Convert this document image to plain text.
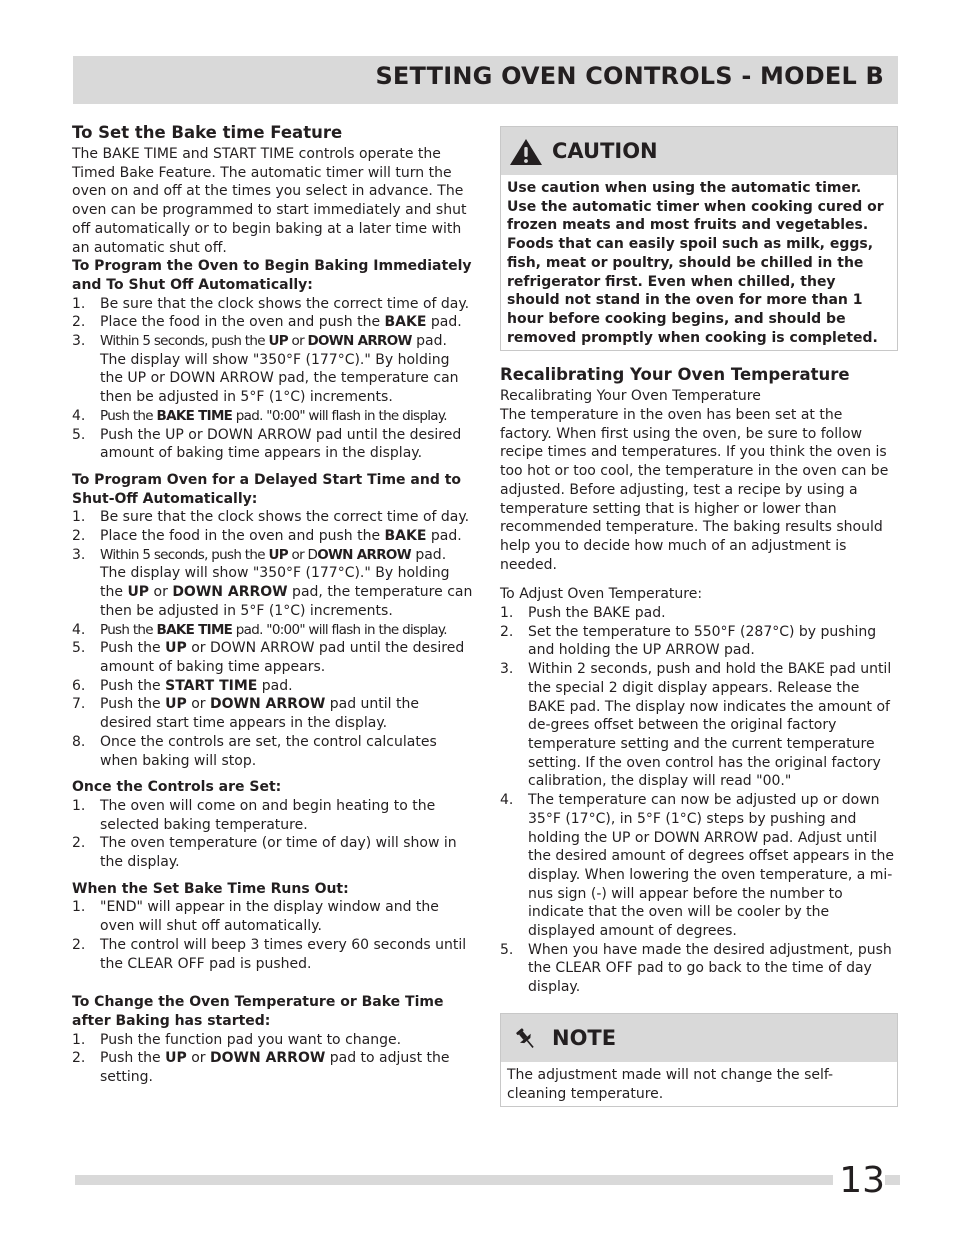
SETTING OVEN CONTROLS - MODEL B
To Set the Bake time Feature

The BAKE TIME and START TIME controls operate the Timed Bake Feature. The automatic timer will turn the oven on and off at the times you select in advance. The oven can be programmed to start immediately and shut off automatically or to begin baking at a later time with an automatic shut off.

To Program the Oven to Begin Baking Immediately and To Shut Off Automatically:

1. Be sure that the clock shows the correct time of day.
2. Place the food in the oven and push the BAKE pad.
3. Within 5 seconds, push the UP or DOWN ARROW pad. The display will show "350°F (177°C)." By holding the UP or DOWN ARROW pad, the temperature can then be adjusted in 5°F (1°C) increments.
4. Push the BAKE TIME pad. "0:00" will flash in the display.
5. Push the UP or DOWN ARROW pad until the desired amount of baking time appears in the display.

To Program Oven for a Delayed Start Time and to Shut-Off Automatically:

1. Be sure that the clock shows the correct time of day.
2. Place the food in the oven and push the BAKE pad.
3. Within 5 seconds, push the UP or DOWN ARROW pad. The display will show "350°F (177°C)." By holding the UP or DOWN ARROW pad, the temperature can then be adjusted in 5°F (1°C) increments.
4. Push the BAKE TIME pad. "0:00" will flash in the display.
5. Push the UP or DOWN ARROW pad until the desired amount of baking time appears.
6. Push the START TIME pad.
7. Push the UP or DOWN ARROW pad until the desired start time appears in the display.
8. Once the controls are set, the control calculates when baking will stop.

Once the Controls are Set:

1. The oven will come on and begin heating to the selected baking temperature.
2. The oven temperature (or time of day) will show in the display.

When the Set Bake Time Runs Out:

1. "END" will appear in the display window and the oven will shut off automatically.
2. The control will beep 3 times every 60 seconds until the CLEAR OFF pad is pushed.

To Change the Oven Temperature or Bake Time after Baking has started:

1. Push the function pad you want to change.
2. Push the UP or DOWN ARROW pad to adjust the setting.
CAUTION
Use caution when using the automatic timer. Use the automatic timer when cooking cured or frozen meats and most fruits and vegetables. Foods that can easily spoil such as milk, eggs, fish, meat or poultry, should be chilled in the refrigerator first. Even when chilled, they should not stand in the oven for more than 1 hour before cooking begins, and should be removed promptly when cooking is completed.
Recalibrating Your Oven Temperature

Recalibrating Your Oven Temperature

The temperature in the oven has been set at the factory. When first using the oven, be sure to follow recipe times and temperatures. If you think the oven is too hot or too cool, the temperature in the oven can be adjusted. Before adjusting, test a recipe by using a temperature setting that is higher or lower than recommended temperature. The baking results should help you to decide how much of an adjustment is needed.

To Adjust Oven Temperature:

1. Push the BAKE pad.
2. Set the temperature to 550°F (287°C) by pushing and holding the UP ARROW pad.
3. Within 2 seconds, push and hold the BAKE pad until the special 2 digit display appears. Release the BAKE pad. The display now indicates the amount of de-grees offset between the original factory temperature setting and the current temperature setting. If the oven control has the original factory calibration, the display will read "00."
4. The temperature can now be adjusted up or down 35°F (17°C), in 5°F (1°C) steps by pushing and holding the UP or DOWN ARROW pad. Adjust until the desired amount of degrees offset appears in the display. When lowering the oven temperature, a mi-nus sign (-) will appear before the number to indicate that the oven will be cooler by the displayed amount of degrees.
5. When you have made the desired adjustment, push the CLEAR OFF pad to go back to the time of day display.
NOTE
The adjustment made will not change the self-cleaning temperature.
13
